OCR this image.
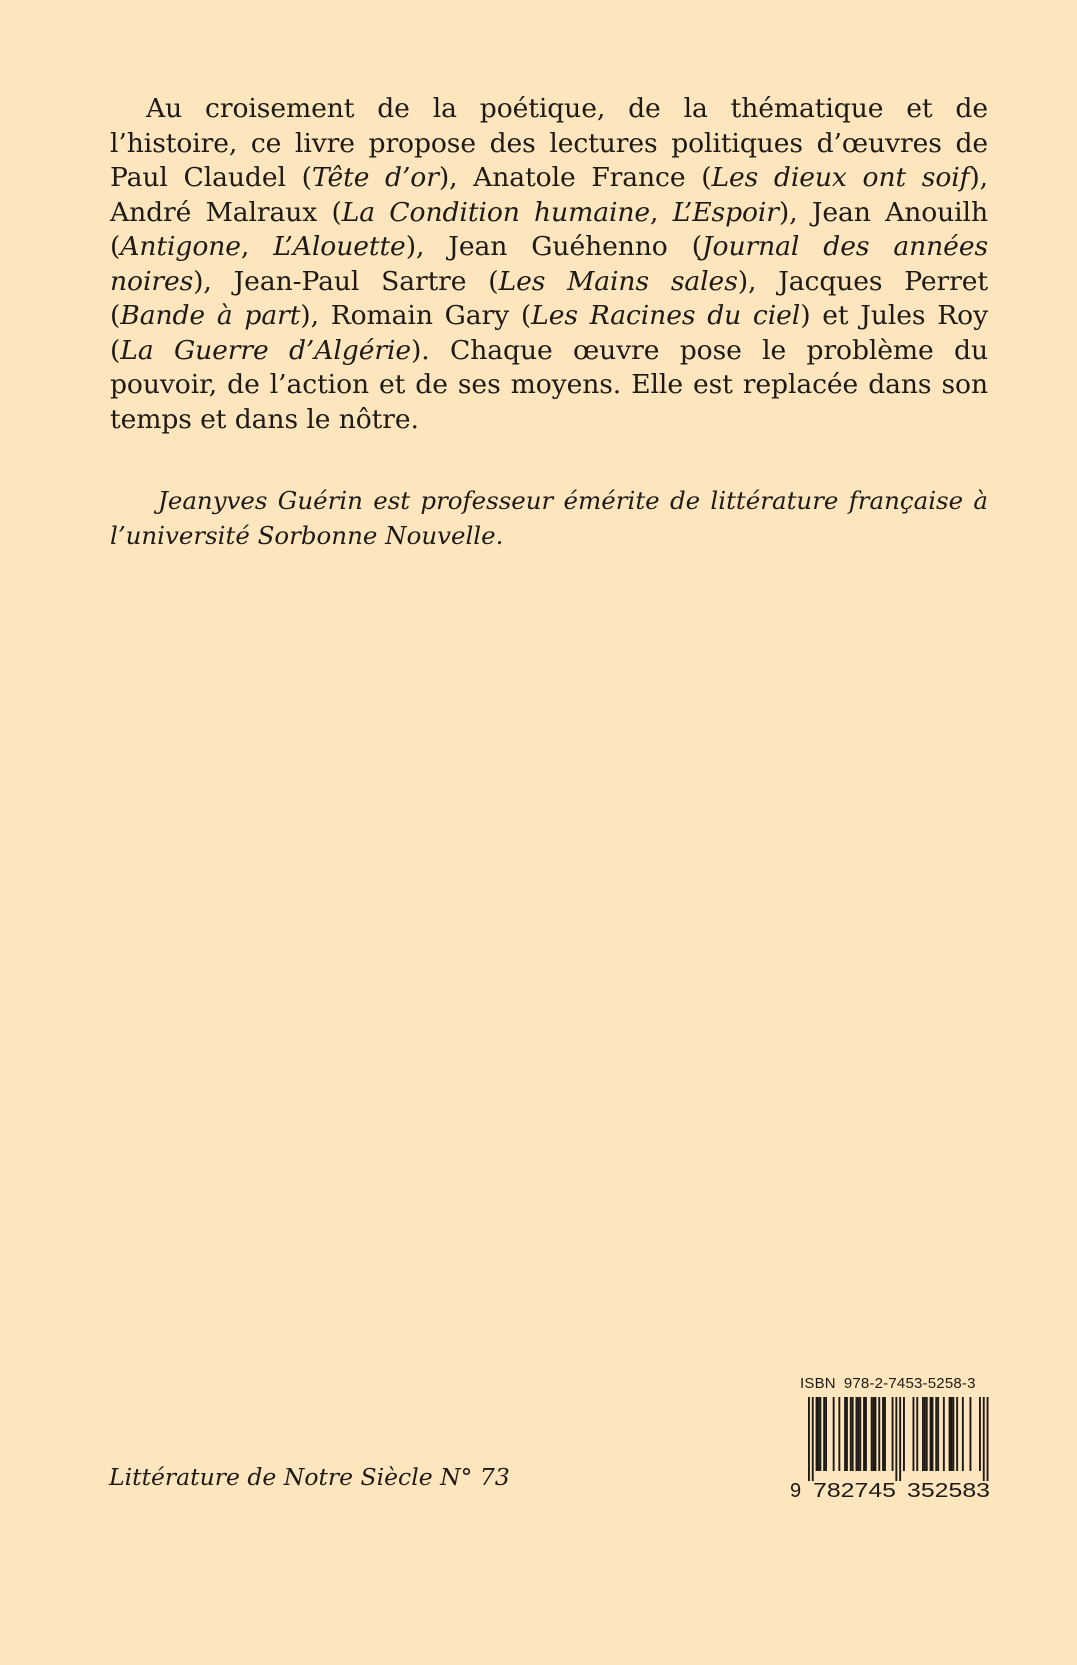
Au croisement de la poétique, de la thématique et de l’histoire, ce livre propose des lectures politiques d’œuvres de Paul Claudel (Tête d’or), Anatole France (Les dieux ont soif), André Malraux (La Condition humaine, L’Espoir), Jean Anouilh (Antigone, L’Alouette), Jean Guéhenno (Journal des années noires), Jean-Paul Sartre (Les Mains sales), Jacques Perret (Bande à part), Romain Gary (Les Racines du ciel) et Jules Roy (La Guerre d’Algérie). Chaque œuvre pose le problème du pouvoir, de l’action et de ses moyens. Elle est replacée dans son temps et dans le nôtre.

Jeanyves Guérin est professeur émérite de littérature française à l’université Sorbonne Nouvelle.

Littérature de Notre Siècle N° 73

ISBN 978-2-7453-5258-3

9 782745 352583
